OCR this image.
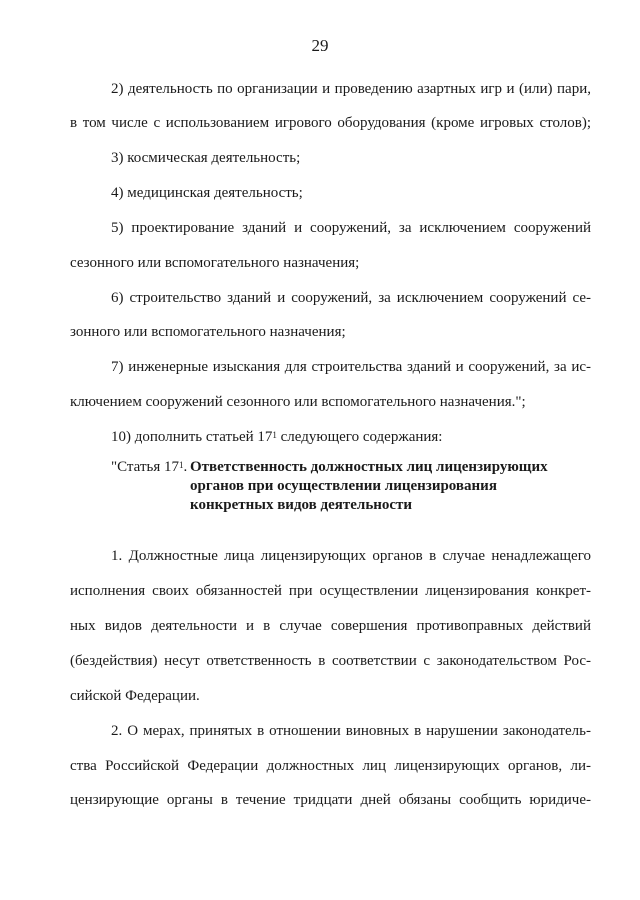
29
2) деятельность по организации и проведению азартных игр и (или) пари,
в том числе с использованием игрового оборудования (кроме игровых столов);
3) космическая деятельность;
4) медицинская деятельность;
5) проектирование зданий и сооружений, за исключением сооружений
сезонного или вспомогательного назначения;
6) строительство зданий и сооружений, за исключением сооружений се-
зонного или вспомогательного назначения;
7) инженерные изыскания для строительства зданий и сооружений, за ис-
ключением сооружений сезонного или вспомогательного назначения.";
10) дополнить статьей $17^1$ следующего содержания:
"Статья $17^1$. Ответственность должностных лиц лицензирующих
органов при осуществлении лицензирования
конкретных видов деятельности
1. Должностные лица лицензирующих органов в случае ненадлежащего
исполнения своих обязанностей при осуществлении лицензирования конкрет-
ных видов деятельности и в случае совершения противоправных действий
(бездействия) несут ответственность в соответствии с законодательством Рос-
сийской Федерации.
2. О мерах, принятых в отношении виновных в нарушении законодатель-
ства Российской Федерации должностных лиц лицензирующих органов, ли-
цензирующие органы в течение тридцати дней обязаны сообщить юридиче-
